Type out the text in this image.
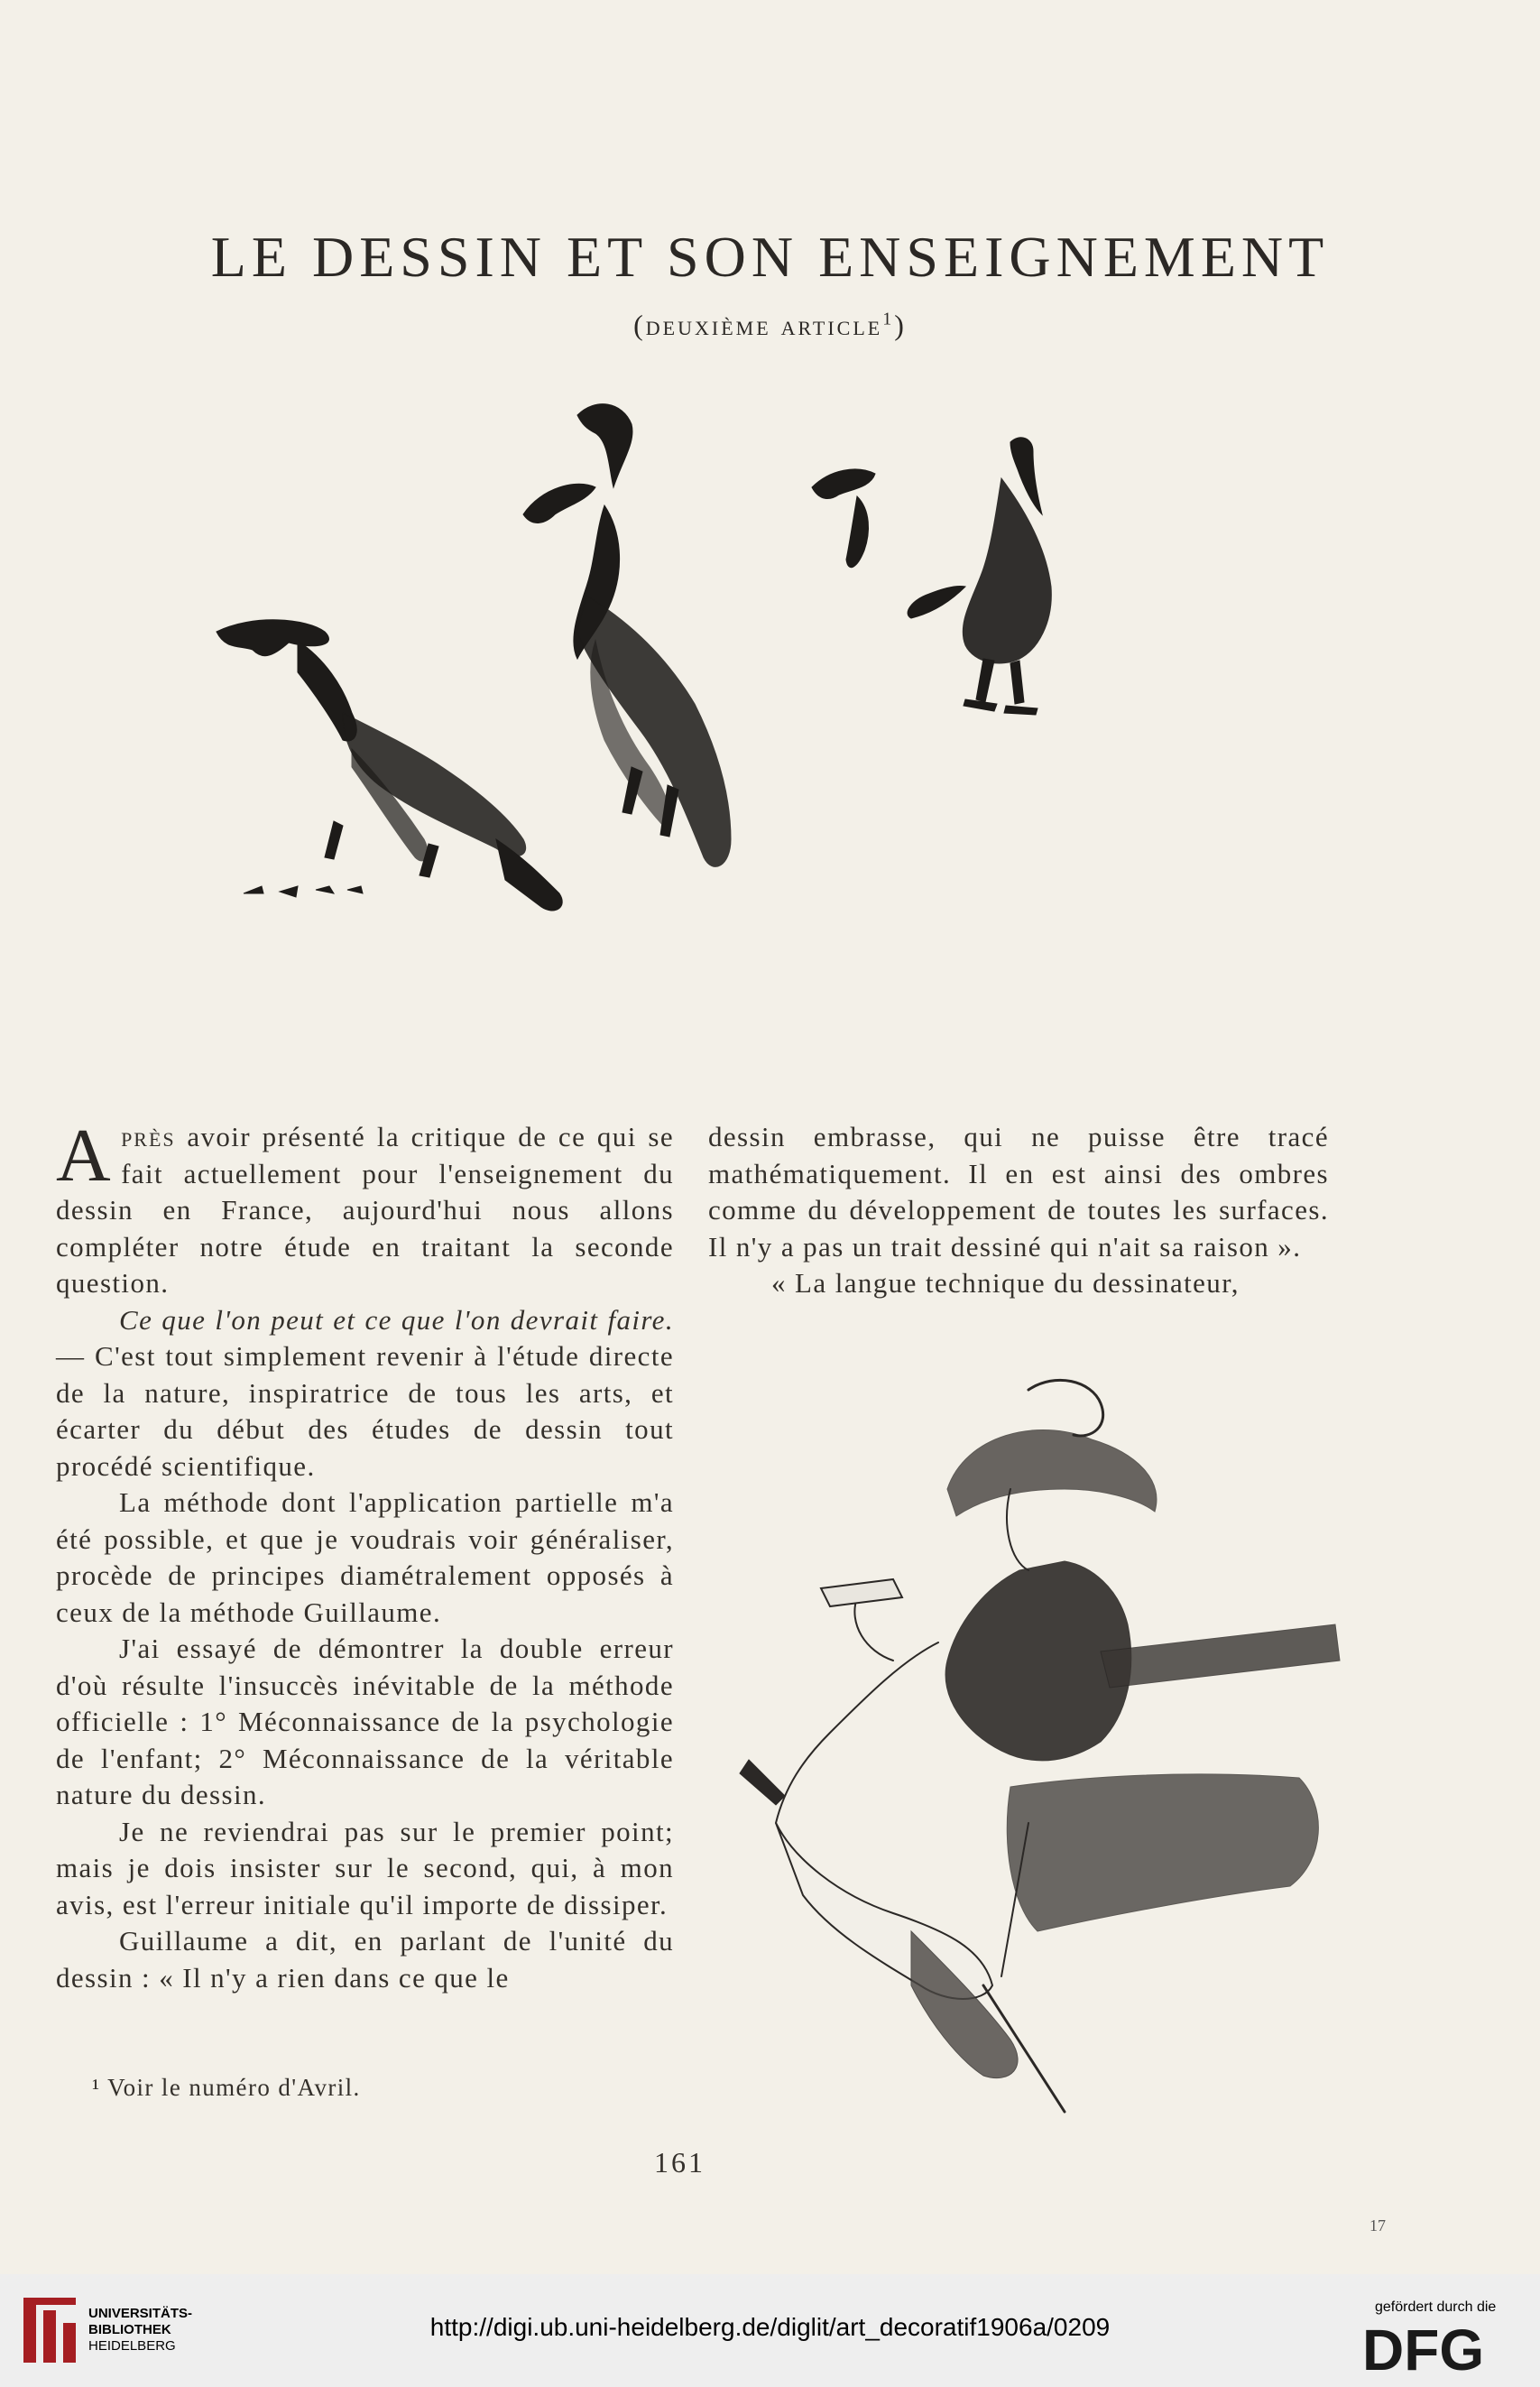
LE DESSIN ET SON ENSEIGNEMENT
(deuxième article$^1$)

Après avoir présenté la critique de ce qui se fait actuellement pour l'enseignement du dessin en France, aujourd'hui nous allons compléter notre étude en traitant la seconde question.

Ce que l'on peut et ce que l'on devrait faire. — C'est tout simplement revenir à l'étude directe de la nature, inspiratrice de tous les arts, et écarter du début des études de dessin tout procédé scientifique.

La méthode dont l'application partielle m'a été possible, et que je voudrais voir généraliser, procède de principes diamétralement opposés à ceux de la méthode Guillaume.

J'ai essayé de démontrer la double erreur d'où résulte l'insuccès inévitable de la méthode officielle : 1° Méconnaissance de la psychologie de l'enfant; 2° Méconnaissance de la véritable nature du dessin.

Je ne reviendrai pas sur le premier point; mais je dois insister sur le second, qui, à mon avis, est l'erreur initiale qu'il importe de dissiper.

Guillaume a dit, en parlant de l'unité du dessin : « Il n'y a rien dans ce que le

dessin embrasse, qui ne puisse être tracé mathématiquement. Il en est ainsi des ombres comme du développement de toutes les surfaces. Il n'y a pas un trait dessiné qui n'ait sa raison ».

« La langue technique du dessinateur,

¹ Voir le numéro d'Avril.
161
17
UNIVERSITÄTS-
BIBLIOTHEK
HEIDELBERG
http://digi.ub.uni-heidelberg.de/diglit/art_decoratif1906a/0209
gefördert durch die
DFG
